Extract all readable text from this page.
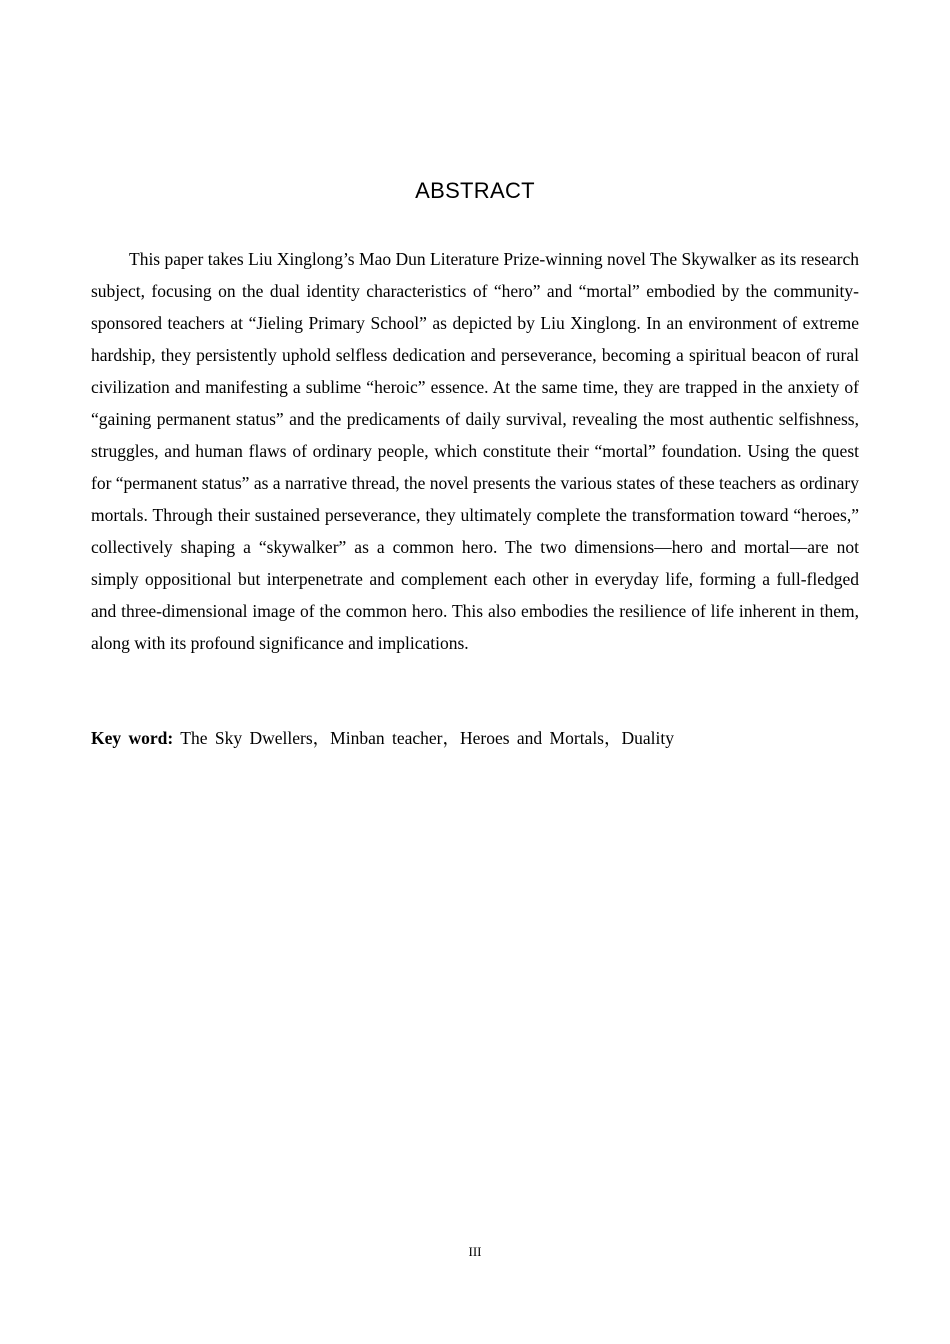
ABSTRACT

This paper takes Liu Xinglong’s Mao Dun Literature Prize-winning novel The Skywalker as its research subject, focusing on the dual identity characteristics of “hero” and “mortal” embodied by the community-sponsored teachers at “Jieling Primary School” as depicted by Liu Xinglong. In an environment of extreme hardship, they persistently uphold selfless dedication and perseverance, becoming a spiritual beacon of rural civilization and manifesting a sublime “heroic” essence. At the same time, they are trapped in the anxiety of “gaining permanent status” and the predicaments of daily survival, revealing the most authentic selfishness, struggles, and human flaws of ordinary people, which constitute their “mortal” foundation. Using the quest for “permanent status” as a narrative thread, the novel presents the various states of these teachers as ordinary mortals. Through their sustained perseverance, they ultimately complete the transformation toward “heroes,” collectively shaping a “skywalker” as a common hero. The two dimensions—hero and mortal—are not simply oppositional but interpenetrate and complement each other in everyday life, forming a full-fledged and three-dimensional image of the common hero. This also embodies the resilience of life inherent in them, along with its profound significance and implications.

Key word: The Sky Dwellers，Minban teacher，Heroes and Mortals，Duality

III
